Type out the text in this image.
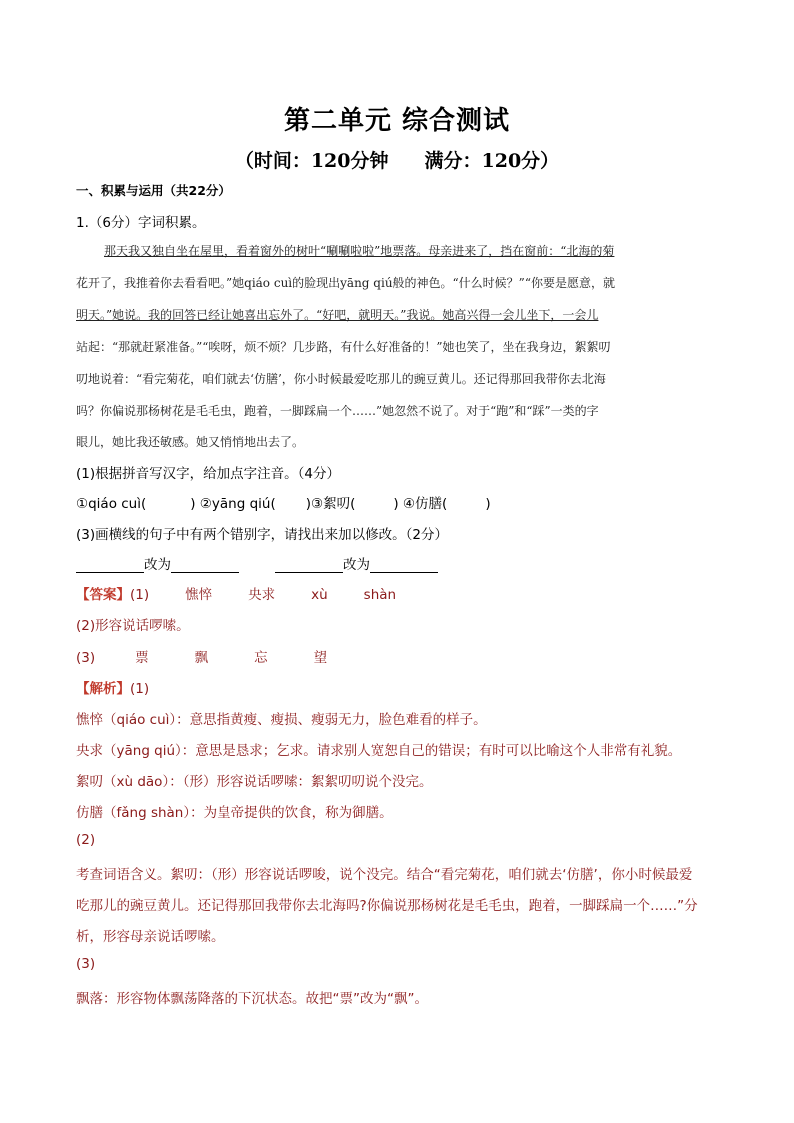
第二单元 综合测试
（时间：120分钟 满分：120分）
一、积累与运用（共22分）
1.（6分）字词积累。
那天我又独自坐在屋里，看着窗外的树叶“唰唰啦啦”地票落。母亲进来了，挡在窗前：“北海的菊
花开了，我推着你去看看吧。”她qiáo cuì的脸现出yāng qiú般的神色。“什么时候？”“你要是愿意，就
明天。”她说。我的回答已经让她喜出忘外了。“好吧，就明天。”我说。她高兴得一会儿坐下，一会儿
站起：“那就赶紧准备。”“唉呀，烦不烦？几步路，有什么好准备的！”她也笑了，坐在我身边，絮絮叨
叨地说着：“看完菊花，咱们就去‘仿膳’，你小时候最爱吃那儿的豌豆黄儿。还记得那回我带你去北海
吗？你偏说那杨树花是毛毛虫，跑着，一脚踩扁一个……”她忽然不说了。对于“跑”和“踩”一类的字
眼儿，她比我还敏感。她又悄悄地出去了。
(1)根据拼音写汉字，给加点字注音。（4分）
①qiáo cuì(	) ②yāng qiú( )③絮叨(	) ④仿膳(	)
(3)画横线的句子中有两个错别字，请找出来加以修改。（2分）
改为	改为
【答案】(1)	憔悴	央求	xù	shàn
(2)形容说话啰嗦。
(3)	票	飘	忘	望
【解析】(1)
憔悴（qiáo cuì）：意思指黄瘦、瘦损、瘦弱无力，脸色难看的样子。
央求（yāng qiú）：意思是恳求；乞求。请求别人宽恕自己的错误；有时可以比喻这个人非常有礼貌。
絮叨（xù dāo）：（形）形容说话啰嗦：絮絮叨叨说个没完。
仿膳（fǎng shàn）：为皇帝提供的饮食，称为御膳。
(2)
考查词语含义。絮叨：（形）形容说话啰唆，说个没完。结合“看完菊花，咱们就去‘仿膳’，你小时候最爱
吃那儿的豌豆黄儿。还记得那回我带你去北海吗?你偏说那杨树花是毛毛虫，跑着，一脚踩扁一个……”分
析，形容母亲说话啰嗦。
(3)
飘落：形容物体飘荡降落的下沉状态。故把“票”改为“飘”。
